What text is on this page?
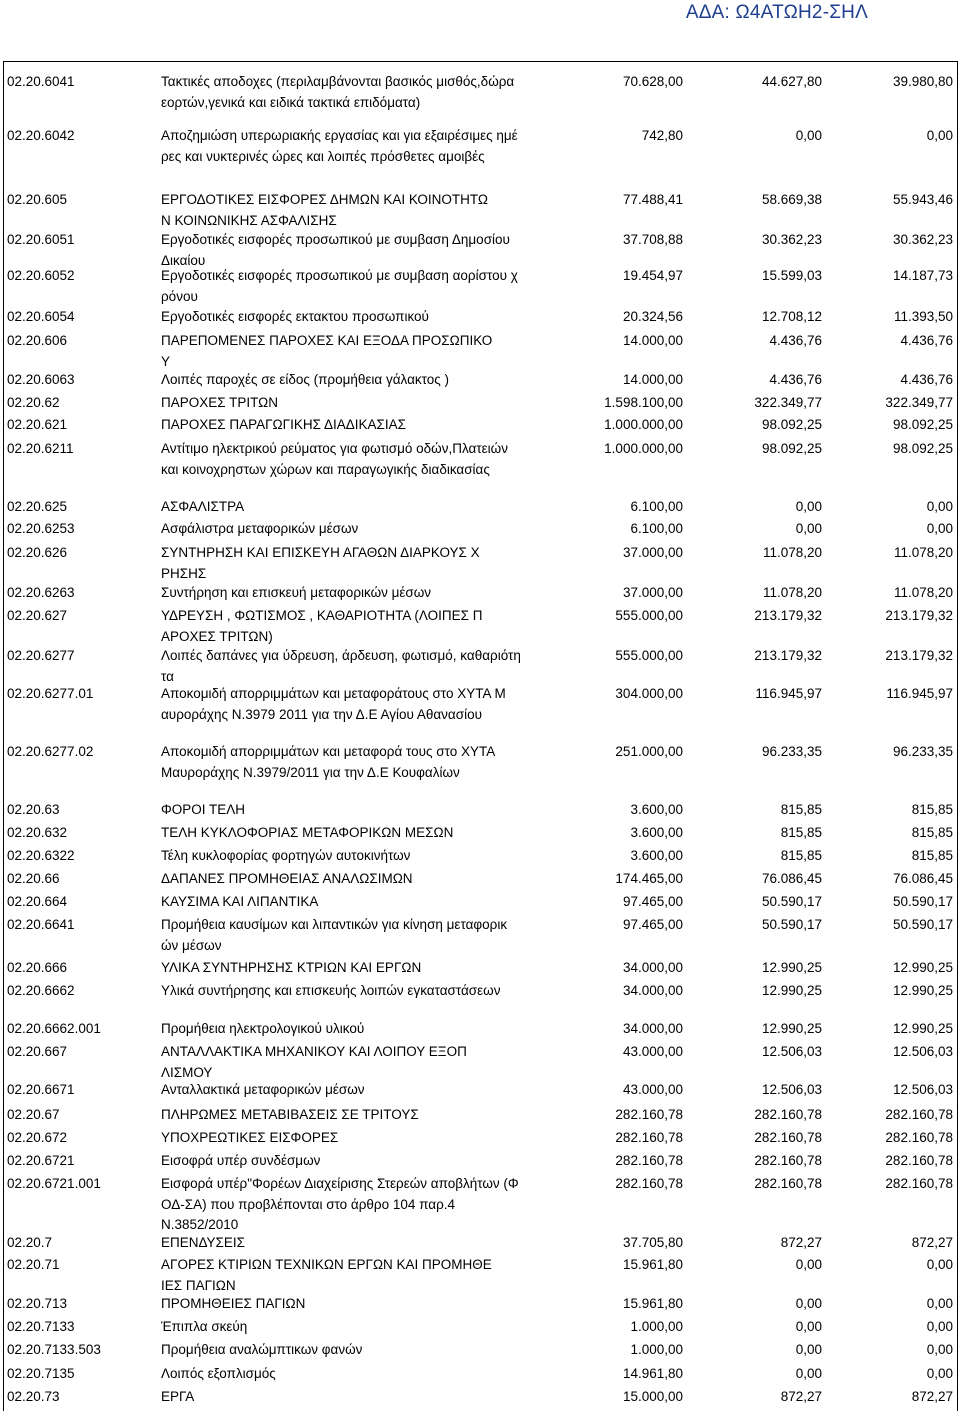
ΑΔΑ: Ω4ΑΤΩΗ2-ΣΗΛ
02.20.6041	Τακτικές αποδοχες (περιλαμβάνονται βασικός μισθός,δώρα
εορτών,γενικά και ειδικά τακτικά επιδόματα)
70.628,00	44.627,80	39.980,80
02.20.6042	Αποζημιώση υπερωριακής εργασίας και για εξαιρέσιμες ημέ
ρες και νυκτερινές ώρες και λοιπές πρόσθετες αμοιβές
742,80	0,00	0,00
02.20.605	ΕΡΓΟΔΟΤΙΚΕΣ ΕΙΣΦΟΡΕΣ ΔΗΜΩΝ ΚΑΙ ΚΟΙΝΟΤΗΤΩ
Ν ΚΟΙΝΩΝΙΚΗΣ ΑΣΦΑΛΙΣΗΣ
77.488,41	58.669,38	55.943,46
02.20.6051	Εργοδοτικές εισφορές προσωπικού με συμβαση Δημοσίου
Δικαίου
37.708,88	30.362,23	30.362,23
02.20.6052	Εργοδοτικές εισφορές προσωπικού με συμβαση αορίστου χ
ρόνου
19.454,97	15.599,03	14.187,73
02.20.6054	Εργοδοτικές εισφορές εκτακτου προσωπικού	20.324,56	12.708,12	11.393,50
02.20.606	ΠΑΡΕΠΟΜΕΝΕΣ ΠΑΡΟΧΕΣ ΚΑΙ ΕΞΟΔΑ ΠΡΟΣΩΠΙΚΟ
Υ
14.000,00	4.436,76	4.436,76
02.20.6063	Λοιπές παροχές σε είδος (προμήθεια γάλακτος )	14.000,00	4.436,76	4.436,76
02.20.62	ΠΑΡΟΧΕΣ ΤΡΙΤΩΝ	1.598.100,00	322.349,77	322.349,77
02.20.621	ΠΑΡΟΧΕΣ ΠΑΡΑΓΩΓΙΚΗΣ ΔΙΑΔΙΚΑΣΙΑΣ	1.000.000,00	98.092,25	98.092,25
02.20.6211	Αντίτιμο ηλεκτρικού ρεύματος για φωτισμό οδών,Πλατειών
και κοινοχρηστων χώρων και παραγωγικής διαδικασίας
1.000.000,00	98.092,25	98.092,25
02.20.625	ΑΣΦΑΛΙΣΤΡΑ	6.100,00	0,00	0,00
02.20.6253	Ασφάλιστρα μεταφορικών μέσων	6.100,00	0,00	0,00
02.20.626	ΣΥΝΤΗΡΗΣΗ ΚΑΙ ΕΠΙΣΚΕΥΗ ΑΓΑΘΩΝ ΔΙΑΡΚΟΥΣ Χ
ΡΗΣΗΣ
37.000,00	11.078,20	11.078,20
02.20.6263	Συντήρηση και επισκευή μεταφορικών μέσων	37.000,00	11.078,20	11.078,20
02.20.627	ΥΔΡΕΥΣΗ , ΦΩΤΙΣΜΟΣ , ΚΑΘΑΡΙΟΤΗΤΑ (ΛΟΙΠΕΣ Π
ΑΡΟΧΕΣ ΤΡΙΤΩΝ)
555.000,00	213.179,32	213.179,32
02.20.6277	Λοιπές δαπάνες για ύδρευση, άρδευση, φωτισμό, καθαριότη
τα
555.000,00	213.179,32	213.179,32
02.20.6277.01	Αποκομιδή απορριμμάτων και μεταφοράτους στο ΧΥΤΑ Μ
αυροράχης Ν.3979 2011 για την Δ.Ε Αγίου Αθανασίου
304.000,00	116.945,97	116.945,97
02.20.6277.02	Αποκομιδή απορριμμάτων και μεταφορά τους στο ΧΥΤΑ
Μαυροράχης Ν.3979/2011 για την Δ.Ε Κουφαλίων
251.000,00	96.233,35	96.233,35
02.20.63	ΦΟΡΟΙ ΤΕΛΗ	3.600,00	815,85	815,85
02.20.632	ΤΕΛΗ ΚΥΚΛΟΦΟΡΙΑΣ ΜΕΤΑΦΟΡΙΚΩΝ ΜΕΣΩΝ	3.600,00	815,85	815,85
02.20.6322	Τέλη κυκλοφορίας φορτηγών αυτοκινήτων	3.600,00	815,85	815,85
02.20.66	ΔΑΠΑΝΕΣ ΠΡΟΜΗΘΕΙΑΣ ΑΝΑΛΩΣΙΜΩΝ	174.465,00	76.086,45	76.086,45
02.20.664	ΚΑΥΣΙΜΑ ΚΑΙ ΛΙΠΑΝΤΙΚΑ	97.465,00	50.590,17	50.590,17
02.20.6641	Προμήθεια καυσίμων και λιπαντικών για κίνηση μεταφορικ
ών μέσων
97.465,00	50.590,17	50.590,17
02.20.666	ΥΛΙΚΑ ΣΥΝΤΗΡΗΣΗΣ ΚΤΡΙΩΝ ΚΑΙ ΕΡΓΩΝ	34.000,00	12.990,25	12.990,25
02.20.6662	Υλικά συντήρησης και επισκευής λοιπών εγκαταστάσεων	34.000,00	12.990,25	12.990,25
02.20.6662.001	Προμήθεια ηλεκτρολογικού υλικού	34.000,00	12.990,25	12.990,25
02.20.667	ΑΝΤΑΛΛΑΚΤΙΚΑ ΜΗΧΑΝΙΚΟΥ ΚΑΙ ΛΟΙΠΟΥ ΕΞΟΠ
ΛΙΣΜΟΥ
43.000,00	12.506,03	12.506,03
02.20.6671	Ανταλλακτικά μεταφορικών μέσων	43.000,00	12.506,03	12.506,03
02.20.67	ΠΛΗΡΩΜΕΣ ΜΕΤΑΒΙΒΑΣΕΙΣ ΣΕ ΤΡΙΤΟΥΣ	282.160,78	282.160,78	282.160,78
02.20.672	ΥΠΟΧΡΕΩΤΙΚΕΣ ΕΙΣΦΟΡΕΣ	282.160,78	282.160,78	282.160,78
02.20.6721	Εισοφρά υπέρ συνδέσμων	282.160,78	282.160,78	282.160,78
02.20.6721.001	Εισφορά υπέρ"Φορέων Διαχείρισης Στερεών αποβλήτων (Φ
ΟΔ-ΣΑ) που προβλέπονται στο άρθρο 104 παρ.4
Ν.3852/2010
282.160,78	282.160,78	282.160,78
02.20.7	ΕΠΕΝΔΥΣΕΙΣ	37.705,80	872,27	872,27
02.20.71	ΑΓΟΡΕΣ ΚΤΙΡΙΩΝ ΤΕΧΝΙΚΩΝ ΕΡΓΩΝ ΚΑΙ ΠΡΟΜΗΘΕ
ΙΕΣ ΠΑΓΙΩΝ
15.961,80	0,00	0,00
02.20.713	ΠΡΟΜΗΘΕΙΕΣ ΠΑΓΙΩΝ	15.961,80	0,00	0,00
02.20.7133	Έπιπλα σκεύη	1.000,00	0,00	0,00
02.20.7133.503	Προμήθεια αναλώμπτικων φανών	1.000,00	0,00	0,00
02.20.7135	Λοιπός εξοπλισμός	14.961,80	0,00	0,00
02.20.73	ΕΡΓΑ	15.000,00	872,27	872,27
